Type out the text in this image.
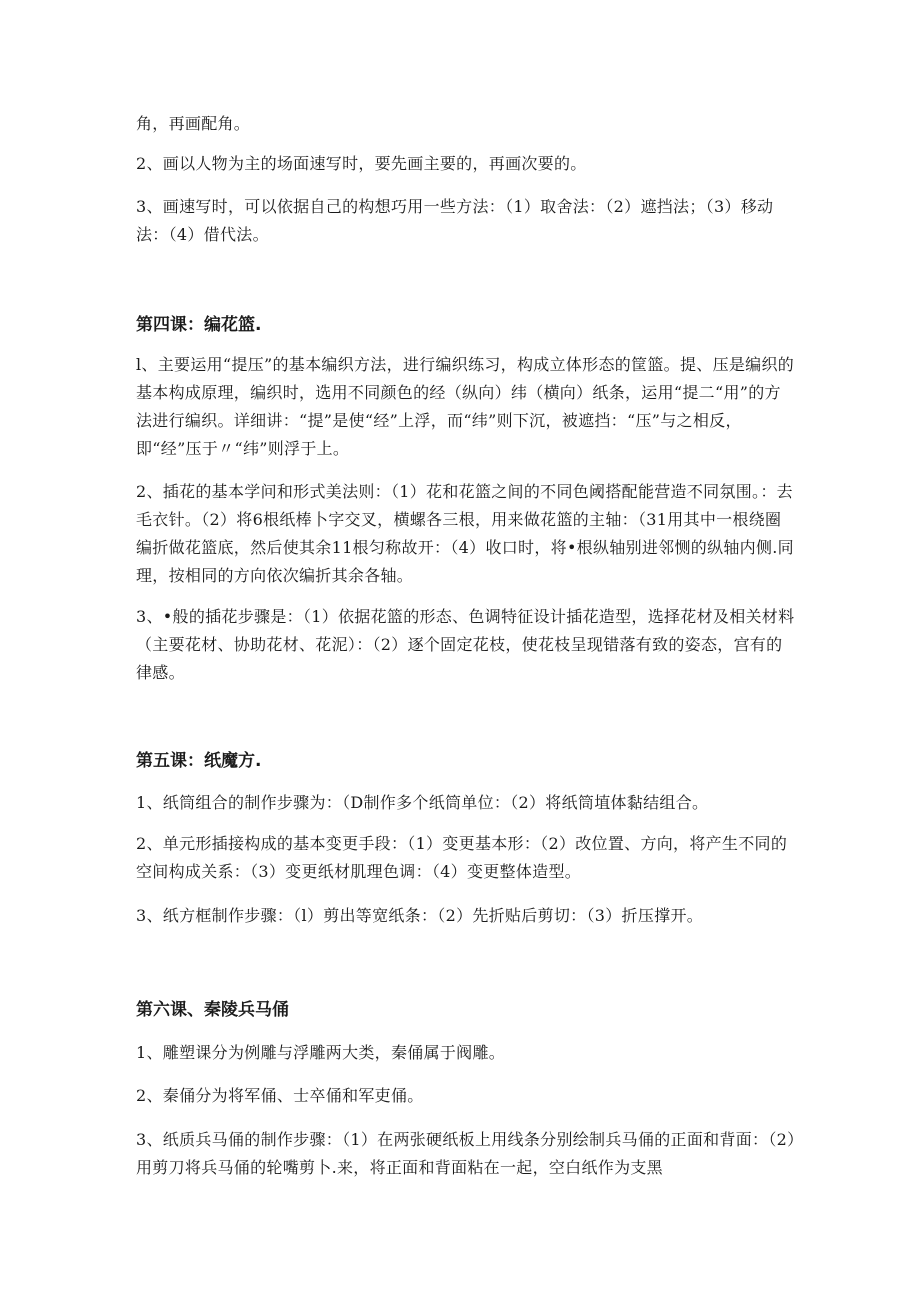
角，再画配角。

2、画以人物为主的场面速写时，要先画主要的，再画次要的。

3、画速写时，可以依据自己的构想巧用一些方法：（1）取舍法：（2）遮挡法；（3）移动法：（4）借代法。

第四课：编花篮.

l、主要运用“提压”的基本编织方法，进行编织练习，构成立体形态的筐篮。提、压是编织的基本构成原理，编织时，选用不同颜色的经（纵向）纬（横向）纸条，运用“提二“用”的方法进行编织。详细讲：“提”是使“经”上浮，而“纬”则下沉，被遮挡：“压”与之相反，即“经”压于〃“纬”则浮于上。

2、插花的基本学问和形式美法则：（1）花和花篮之间的不同色阈搭配能营造不同氛围。：去毛衣针。（2）将6根纸棒卜字交叉，横螺各三根，用来做花篮的主轴：（31用其中一根绕圈编折做花篮底，然后使其余11根匀称故开：（4）收口时，将•根纵轴别进邻恻的纵轴内侧.同理，按相同的方向依次编折其余各轴。

3、•般的插花步骤是：（1）依据花篮的形态、色调特征设计插花造型，选择花材及相关材料（主要花材、协助花材、花泥）：（2）逐个固定花枝，使花枝呈现错落有致的姿态，宫有的律感。

第五课：纸魔方.

1、纸筒组合的制作步骤为：（D制作多个纸筒单位：（2）将纸筒埴体黏结组合。

2、单元形插接构成的基本变更手段：（1）变更基本形：（2）改位置、方向，将产生不同的空间构成关系：（3）变更纸材肌理色调：（4）变更整体造型。

3、纸方框制作步骤：（l）剪出等宽纸条：（2）先折贴后剪切：（3）折压撑开。

第六课、秦陵兵马俑

1、雕塑课分为例雕与浮雕两大类，秦俑属于阀雕。

2、秦俑分为将军俑、士卒俑和军吏俑。

3、纸质兵马俑的制作步骤：（1）在两张硬纸板上用线条分别绘制兵马俑的正面和背面：（2）用剪刀将兵马俑的轮嘴剪卜.来，将正面和背面粘在一起，空白纸作为支黑
